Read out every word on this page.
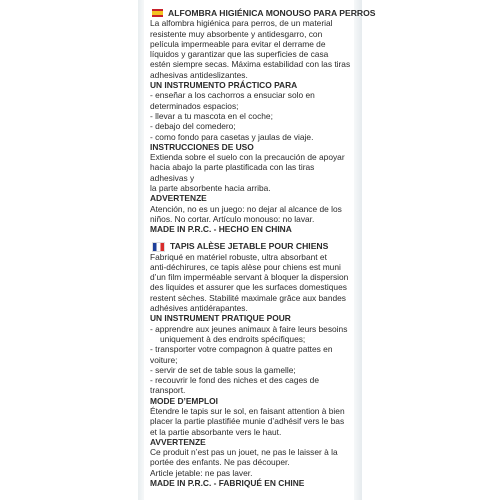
ALFOMBRA HIGIÉNICA MONOUSO PARA PERROS
La alfombra higiénica para perros, de un material
resistente muy absorbente y antidesgarro, con
película impermeable para evitar el derrame de
líquidos y garantizar que las superficies de casa
estén siempre secas. Máxima estabilidad con las tiras
adhesivas antideslizantes.
UN INSTRUMENTO PRÁCTICO PARA
- enseñar a los cachorros a ensuciar solo en
determinados espacios;
- llevar a tu mascota en el coche;
- debajo del comedero;
- como fondo para casetas y jaulas de viaje.
INSTRUCCIONES DE USO
Extienda sobre el suelo con la precaución de apoyar
hacia abajo la parte plastificada con las tiras adhesivas y
la parte absorbente hacia arriba.
ADVERTENZE
Atención, no es un juego: no dejar al alcance de los
niños. No cortar. Artículo monouso: no lavar.
MADE IN P.R.C. - HECHO EN CHINA
TAPIS ALÈSE JETABLE POUR CHIENS
Fabriqué en matériel robuste, ultra absorbant et
anti-déchirures, ce tapis alèse pour chiens est muni
d’un film imperméable servant à bloquer la dispersion
des liquides et assurer que les surfaces domestiques
restent sèches. Stabilité maximale grâce aux bandes
adhésives antidérapantes.
UN INSTRUMENT PRATIQUE POUR
- apprendre aux jeunes animaux à faire leurs besoins
uniquement à des endroits spécifiques;
- transporter votre compagnon à quatre pattes en
voiture;
- servir de set de table sous la gamelle;
- recouvrir le fond des niches et des cages de
transport.
MODE D’EMPLOI
Étendre le tapis sur le sol, en faisant attention à bien
placer la partie plastifiée munie d’adhésif vers le bas
et la partie absorbante vers le haut.
AVVERTENZE
Ce produit n’est pas un jouet, ne pas le laisser à la
portée des enfants. Ne pas découper.
Article jetable: ne pas laver.
MADE IN P.R.C. - FABRIQUÉ EN CHINE
